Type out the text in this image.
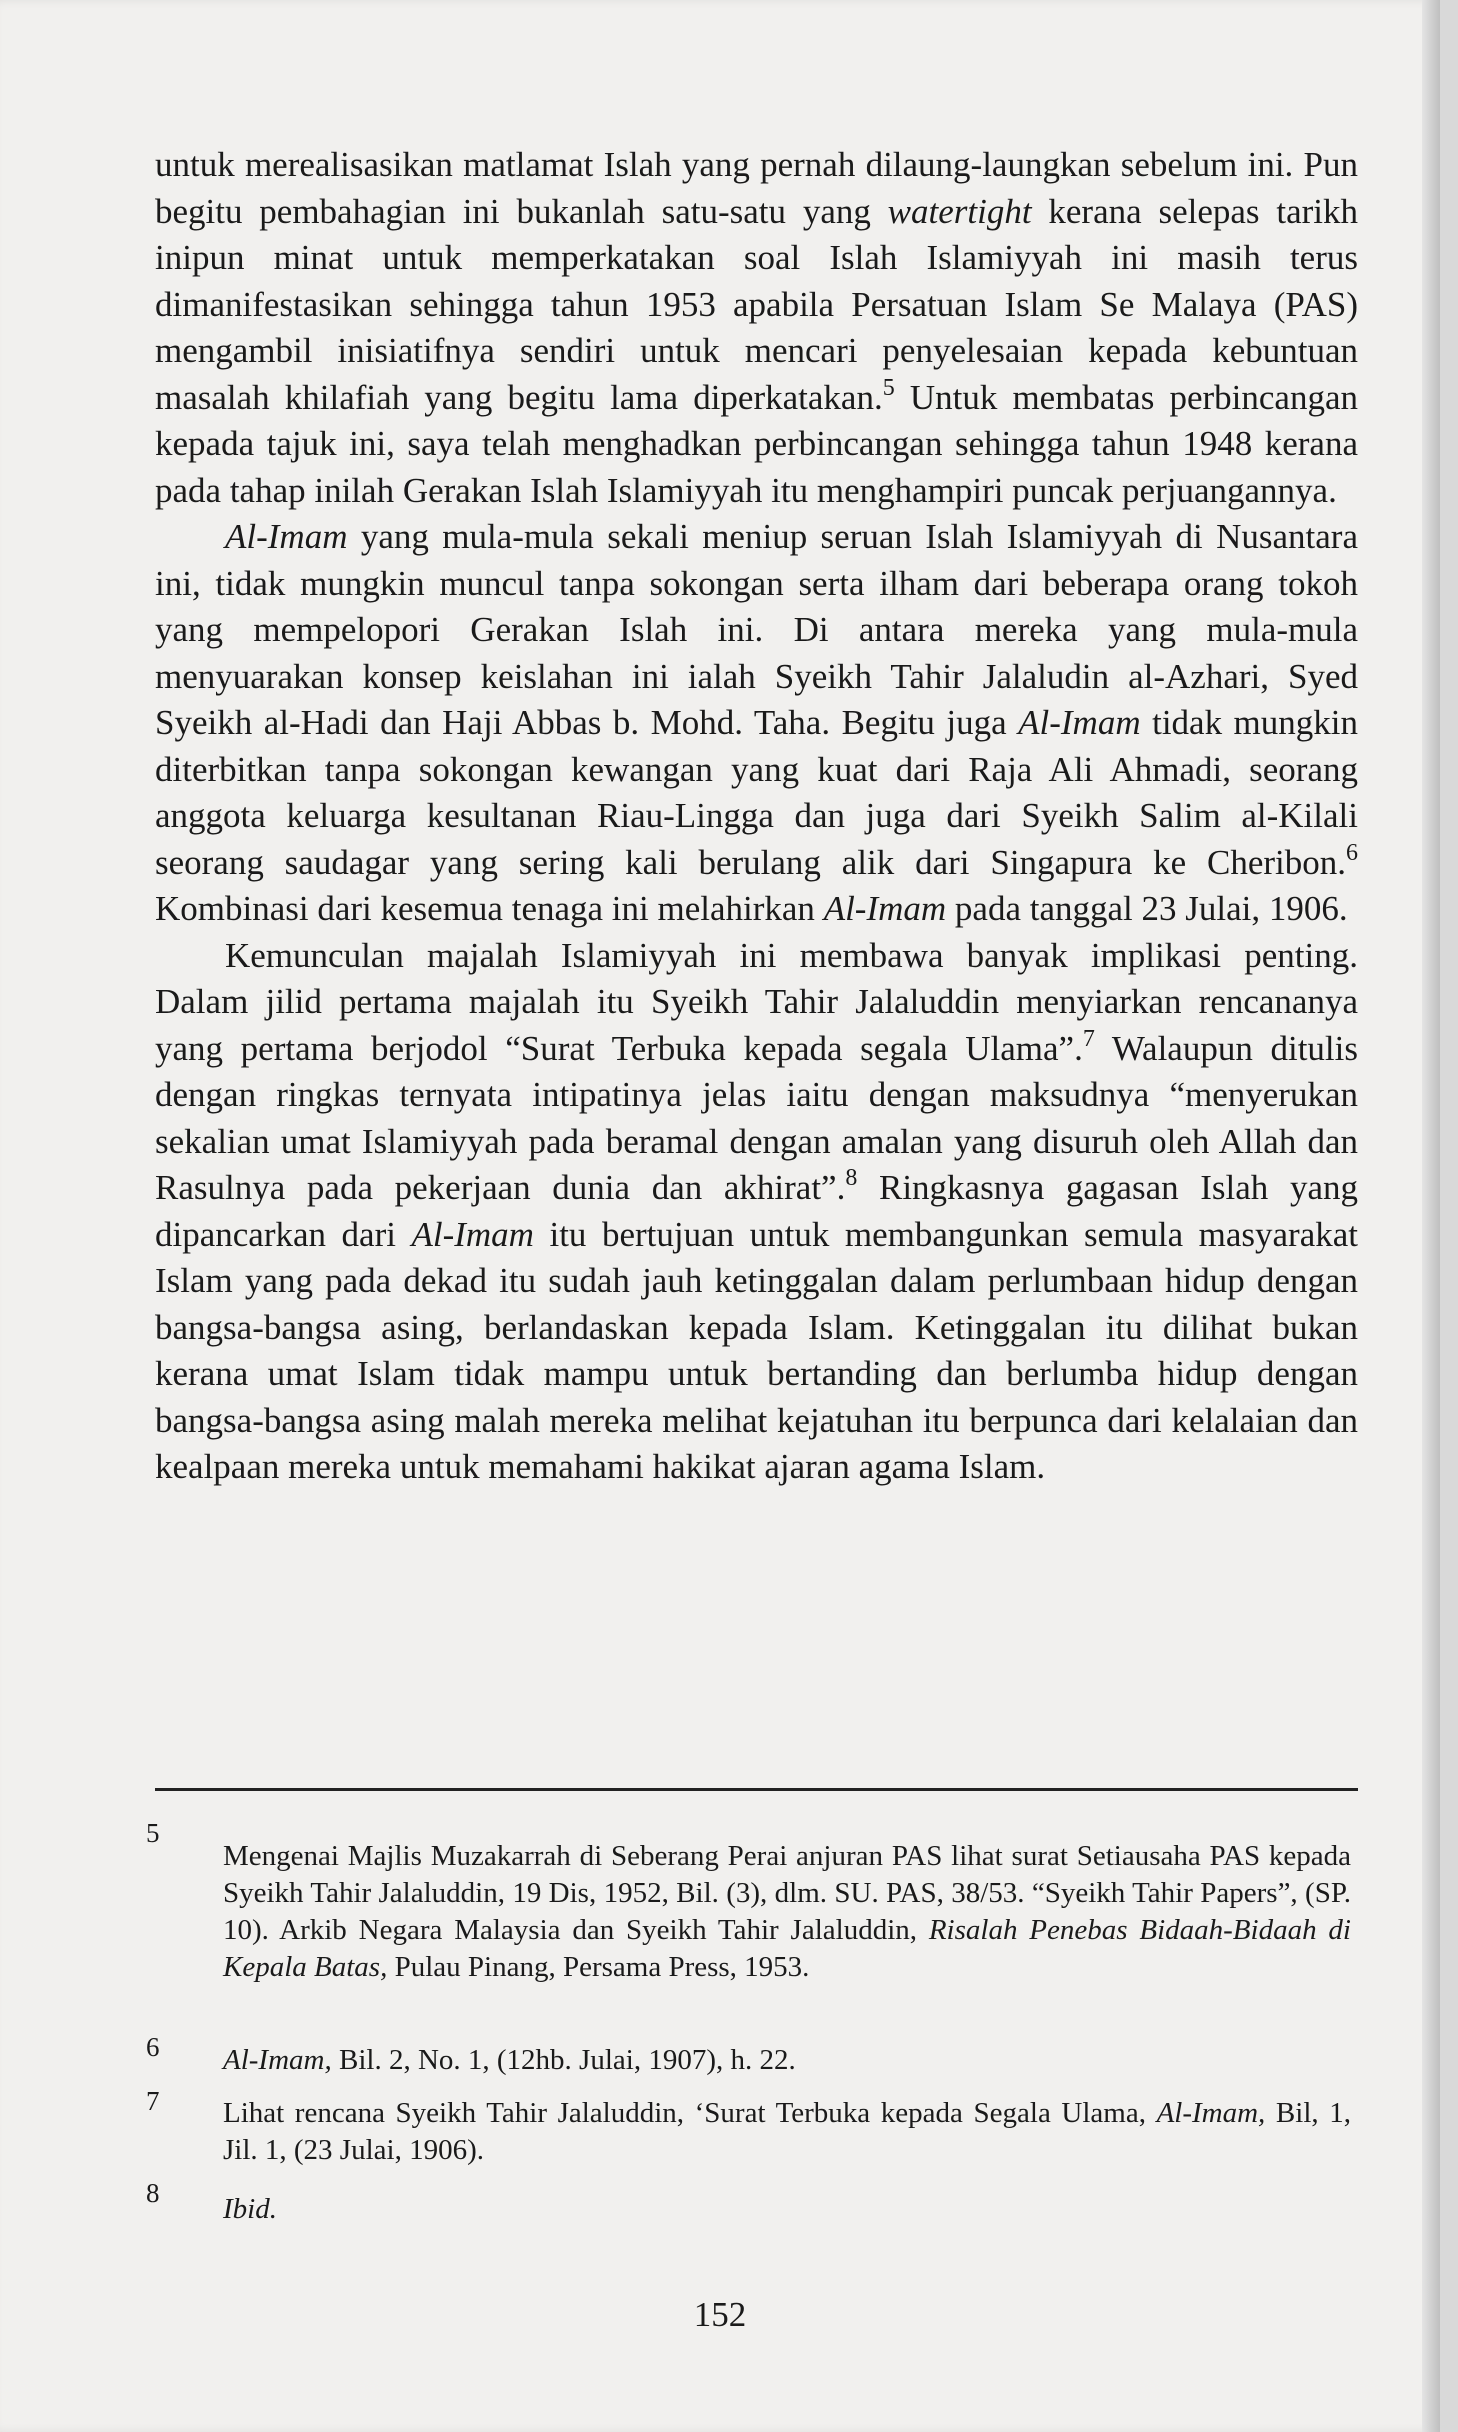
untuk merealisasikan matlamat Islah yang pernah dilaung-laungkan sebelum ini. Pun begitu pembahagian ini bukanlah satu-satu yang watertight kerana selepas tarikh inipun minat untuk memperkatakan soal Islah Islamiyyah ini masih terus dimanifestasikan sehingga tahun 1953 apabila Persatuan Islam Se Malaya (PAS) mengambil inisiatifnya sendiri untuk mencari penyelesaian kepada kebuntuan masalah khilafiah yang begitu lama diperkatakan.$^5$ Untuk membatas perbincangan kepada tajuk ini, saya telah menghadkan perbincangan sehingga tahun 1948 kerana pada tahap inilah Gerakan Islah Islamiyyah itu menghampiri puncak perjuangannya.

Al-Imam yang mula-mula sekali meniup seruan Islah Islamiyyah di Nusantara ini, tidak mungkin muncul tanpa sokongan serta ilham dari beberapa orang tokoh yang mempelopori Gerakan Islah ini. Di antara mereka yang mula-mula menyuarakan konsep keislahan ini ialah Syeikh Tahir Jalaludin al-Azhari, Syed Syeikh al-Hadi dan Haji Abbas b. Mohd. Taha. Begitu juga Al-Imam tidak mungkin diterbitkan tanpa sokongan kewangan yang kuat dari Raja Ali Ahmadi, seorang anggota keluarga kesultanan Riau-Lingga dan juga dari Syeikh Salim al-Kilali seorang saudagar yang sering kali berulang alik dari Singapura ke Cheribon.$^6$ Kombinasi dari kesemua tenaga ini melahirkan Al-Imam pada tanggal 23 Julai, 1906.

Kemunculan majalah Islamiyyah ini membawa banyak implikasi penting. Dalam jilid pertama majalah itu Syeikh Tahir Jalaluddin menyiarkan rencananya yang pertama berjodol “Surat Terbuka kepada segala Ulama”.$^7$ Walaupun ditulis dengan ringkas ternyata intipatinya jelas iaitu dengan maksudnya “menyerukan sekalian umat Islamiyyah pada beramal dengan amalan yang disuruh oleh Allah dan Rasulnya pada pekerjaan dunia dan akhirat”.$^8$ Ringkasnya gagasan Islah yang dipancarkan dari Al-Imam itu bertujuan untuk membangunkan semula masyarakat Islam yang pada dekad itu sudah jauh ketinggalan dalam perlumbaan hidup dengan bangsa-bangsa asing, berlandaskan kepada Islam. Ketinggalan itu dilihat bukan kerana umat Islam tidak mampu untuk bertanding dan berlumba hidup dengan bangsa-bangsa asing malah mereka melihat kejatuhan itu berpunca dari kelalaian dan kealpaan mereka untuk memahami hakikat ajaran agama Islam.

5
Mengenai Majlis Muzakarrah di Seberang Perai anjuran PAS lihat surat Setiausaha PAS kepada Syeikh Tahir Jalaluddin, 19 Dis, 1952, Bil. (3), dlm. SU. PAS, 38/53. “Syeikh Tahir Papers”, (SP. 10). Arkib Negara Malaysia dan Syeikh Tahir Jalaluddin, Risalah Penebas Bidaah-Bidaah di Kepala Batas, Pulau Pinang, Persama Press, 1953.
6 Al-Imam, Bil. 2, No. 1, (12hb. Julai, 1907), h. 22.
7 Lihat rencana Syeikh Tahir Jalaluddin, ‘Surat Terbuka kepada Segala Ulama, Al-Imam, Bil, 1, Jil. 1, (23 Julai, 1906).
8 Ibid.
152
